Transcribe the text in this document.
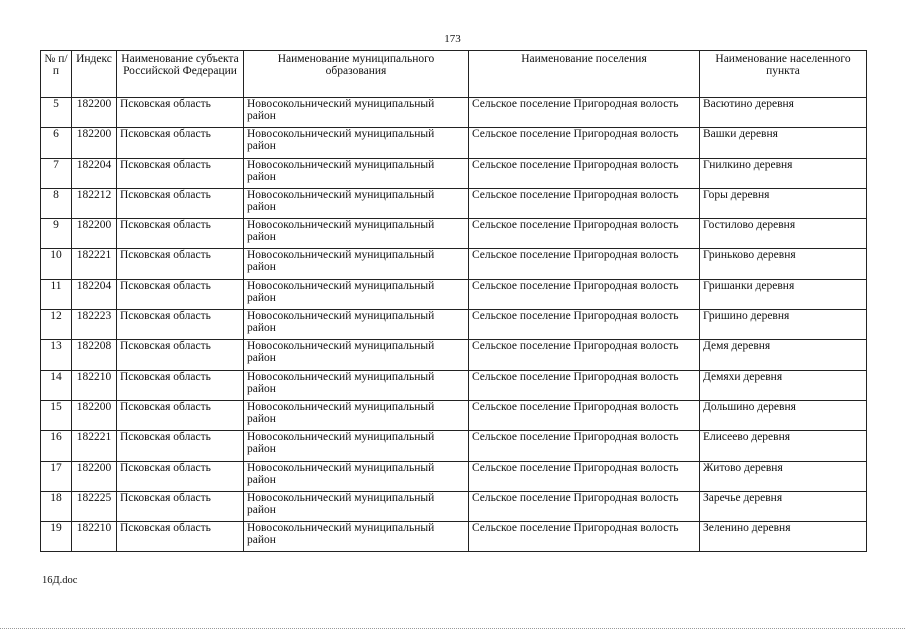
173
№ п/п	Индекс	Наименование субъекта Российской Федерации	Наименование муниципального образования	Наименование поселения	Наименование населенного пункта
5	182200	Псковская область	Новосокольнический муниципальный район	Сельское поселение Пригородная волость	Васютино деревня
6	182200	Псковская область	Новосокольнический муниципальный район	Сельское поселение Пригородная волость	Вашки деревня
7	182204	Псковская область	Новосокольнический муниципальный район	Сельское поселение Пригородная волость	Гнилкино деревня
8	182212	Псковская область	Новосокольнический муниципальный район	Сельское поселение Пригородная волость	Горы деревня
9	182200	Псковская область	Новосокольнический муниципальный район	Сельское поселение Пригородная волость	Гостилово деревня
10	182221	Псковская область	Новосокольнический муниципальный район	Сельское поселение Пригородная волость	Гриньково деревня
11	182204	Псковская область	Новосокольнический муниципальный район	Сельское поселение Пригородная волость	Гришанки деревня
12	182223	Псковская область	Новосокольнический муниципальный район	Сельское поселение Пригородная волость	Гришино деревня
13	182208	Псковская область	Новосокольнический муниципальный район	Сельское поселение Пригородная волость	Демя деревня
14	182210	Псковская область	Новосокольнический муниципальный район	Сельское поселение Пригородная волость	Демяхи деревня
15	182200	Псковская область	Новосокольнический муниципальный район	Сельское поселение Пригородная волость	Дольшино деревня
16	182221	Псковская область	Новосокольнический муниципальный район	Сельское поселение Пригородная волость	Елисеево деревня
17	182200	Псковская область	Новосокольнический муниципальный район	Сельское поселение Пригородная волость	Житово деревня
18	182225	Псковская область	Новосокольнический муниципальный район	Сельское поселение Пригородная волость	Заречье деревня
19	182210	Псковская область	Новосокольнический муниципальный район	Сельское поселение Пригородная волость	Зеленино деревня
16Д.doc
